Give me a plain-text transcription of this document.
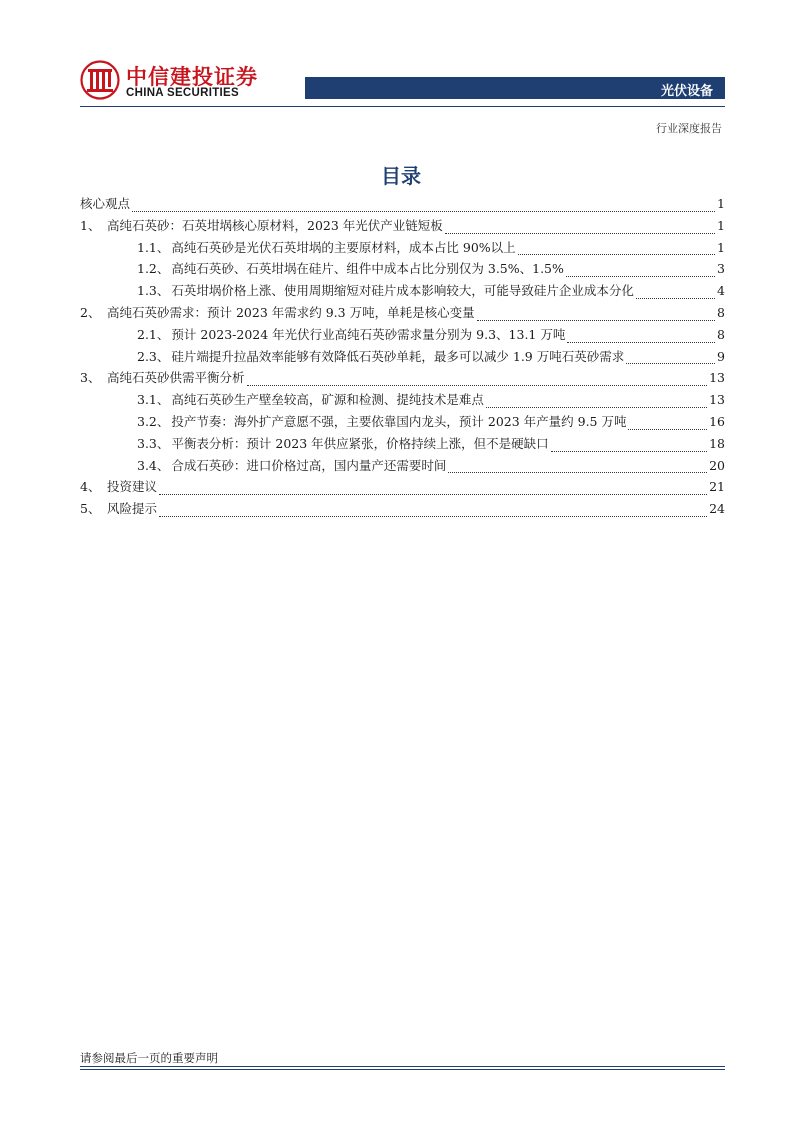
中信建投证券
CHINA SECURITIES	光伏设备
行业深度报告
目录
核心观点	1
1、 高纯石英砂：石英坩埚核心原材料，2023 年光伏产业链短板	1
1.1、 高纯石英砂是光伏石英坩埚的主要原材料，成本占比 90%以上	1
1.2、 高纯石英砂、石英坩埚在硅片、组件中成本占比分别仅为 3.5%、1.5%	3
1.3、 石英坩埚价格上涨、使用周期缩短对硅片成本影响较大，可能导致硅片企业成本分化	4
2、 高纯石英砂需求：预计 2023 年需求约 9.3 万吨，单耗是核心变量	8
2.1、 预计 2023-2024 年光伏行业高纯石英砂需求量分别为 9.3、13.1 万吨	8
2.3、 硅片端提升拉晶效率能够有效降低石英砂单耗，最多可以减少 1.9 万吨石英砂需求	9
3、 高纯石英砂供需平衡分析	13
3.1、 高纯石英砂生产壁垒较高，矿源和检测、提纯技术是难点	13
3.2、 投产节奏：海外扩产意愿不强，主要依靠国内龙头，预计 2023 年产量约 9.5 万吨	16
3.3、 平衡表分析：预计 2023 年供应紧张，价格持续上涨，但不是硬缺口	18
3.4、 合成石英砂：进口价格过高，国内量产还需要时间	20
4、 投资建议	21
5、 风险提示	24
请参阅最后一页的重要声明
